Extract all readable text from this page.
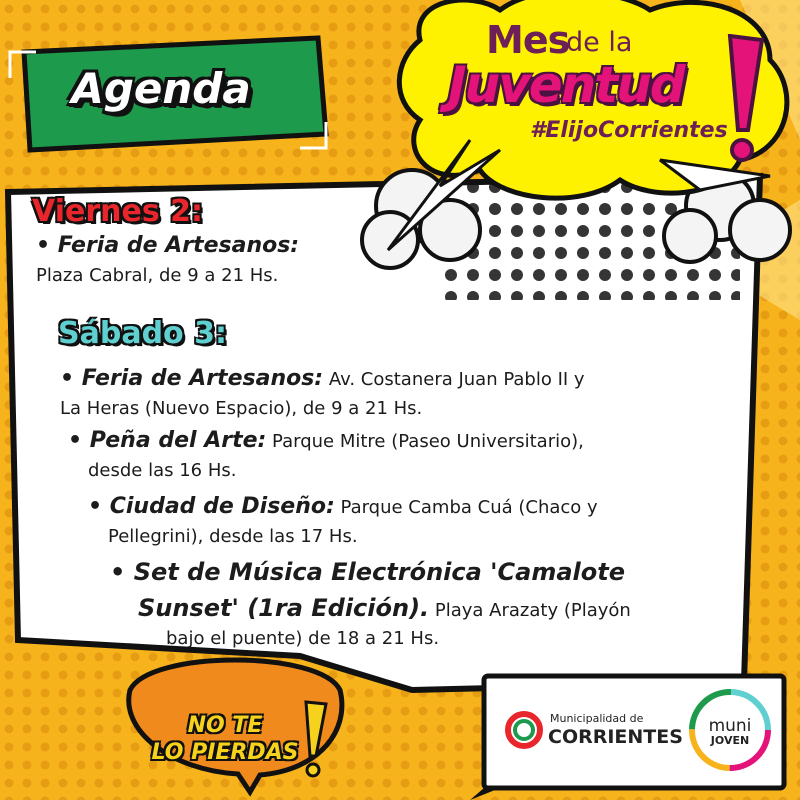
Agenda
Mes
de la
Juventud
#ElijoCorrientes
Viernes 2:
• Feria de Artesanos:
Plaza Cabral, de 9 a 21 Hs.
Sábado 3:
• Feria de Artesanos: Av. Costanera Juan Pablo II y
La Heras (Nuevo Espacio), de 9 a 21 Hs.
• Peña del Arte: Parque Mitre (Paseo Universitario),
desde las 16 Hs.
• Ciudad de Diseño: Parque Camba Cuá (Chaco y
Pellegrini), desde las 17 Hs.
• Set de Música Electrónica 'Camalote
Sunset' (1ra Edición). Playa Arazaty (Playón
bajo el puente) de 18 a 21 Hs.
NO TE
LO PIERDAS
Municipalidad de
CORRIENTES muni
JOVEN
